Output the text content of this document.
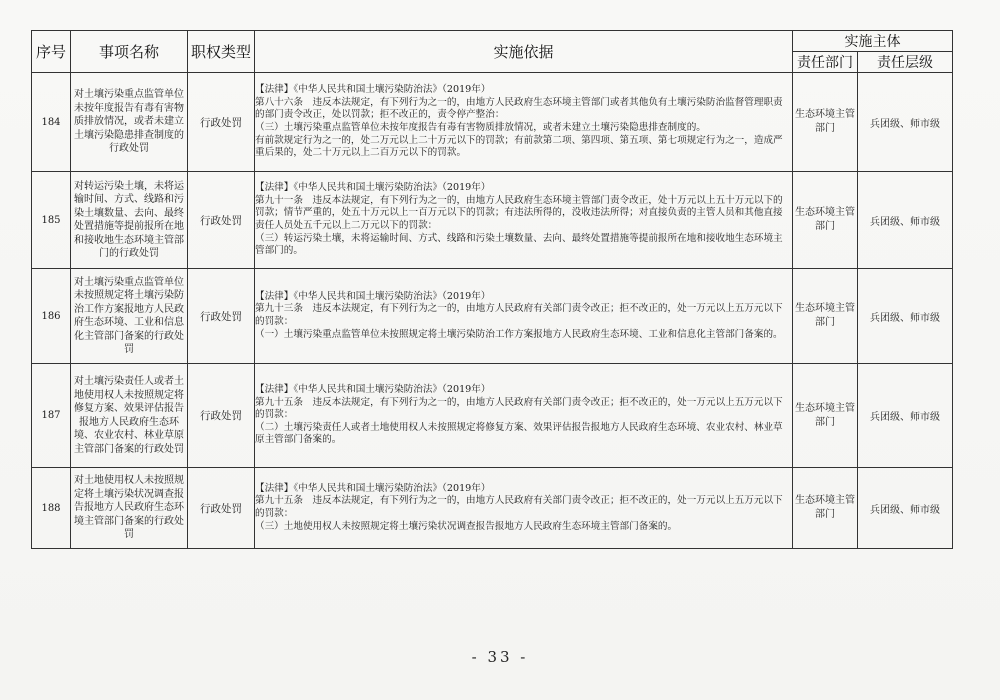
序号	事项名称	职权类型	实施依据	实施主体	
				责任部门	责任层级
184	对土壤污染重点监管单位未按年度报告有毒有害物质排放情况，或者未建立土壤污染隐患排查制度的行政处罚	行政处罚	【法律】《中华人民共和国土壤污染防治法》（2019年）
第八十六条　违反本法规定，有下列行为之一的，由地方人民政府生态环境主管部门或者其他负有土壤污染防治监督管理职责的部门责令改正，处以罚款；拒不改正的，责令停产整治：
（三）土壤污染重点监管单位未按年度报告有毒有害物质排放情况，或者未建立土壤污染隐患排查制度的。
有前款规定行为之一的，处二万元以上二十万元以下的罚款；有前款第二项、第四项、第五项、第七项规定行为之一，造成严重后果的，处二十万元以上二百万元以下的罚款。	生态环境主管部门	兵团级、师市级
185	对转运污染土壤，未将运输时间、方式、线路和污染土壤数量、去向、最终处置措施等提前报所在地和接收地生态环境主管部门的行政处罚	行政处罚	【法律】《中华人民共和国土壤污染防治法》（2019年）
第九十一条　违反本法规定，有下列行为之一的，由地方人民政府生态环境主管部门责令改正，处十万元以上五十万元以下的罚款；情节严重的，处五十万元以上一百万元以下的罚款；有违法所得的，没收违法所得；对直接负责的主管人员和其他直接责任人员处五千元以上二万元以下的罚款：
（三）转运污染土壤，未将运输时间、方式、线路和污染土壤数量、去向、最终处置措施等提前报所在地和接收地生态环境主管部门的。	生态环境主管部门	兵团级、师市级
186	对土壤污染重点监管单位未按照规定将土壤污染防治工作方案报地方人民政府生态环境、工业和信息化主管部门备案的行政处罚	行政处罚	【法律】《中华人民共和国土壤污染防治法》（2019年）
第九十三条　违反本法规定，有下列行为之一的，由地方人民政府有关部门责令改正；拒不改正的，处一万元以上五万元以下的罚款：
（一）土壤污染重点监管单位未按照规定将土壤污染防治工作方案报地方人民政府生态环境、工业和信息化主管部门备案的。	生态环境主管部门	兵团级、师市级
187	对土壤污染责任人或者土地使用权人未按照规定将修复方案、效果评估报告报地方人民政府生态环境、农业农村、林业草原主管部门备案的行政处罚	行政处罚	【法律】《中华人民共和国土壤污染防治法》（2019年）
第九十五条　违反本法规定，有下列行为之一的，由地方人民政府有关部门责令改正；拒不改正的，处一万元以上五万元以下的罚款：
（二）土壤污染责任人或者土地使用权人未按照规定将修复方案、效果评估报告报地方人民政府生态环境、农业农村、林业草原主管部门备案的。	生态环境主管部门	兵团级、师市级
188	对土地使用权人未按照规定将土壤污染状况调查报告报地方人民政府生态环境主管部门备案的行政处罚	行政处罚	【法律】《中华人民共和国土壤污染防治法》（2019年）
第九十五条　违反本法规定，有下列行为之一的，由地方人民政府有关部门责令改正；拒不改正的，处一万元以上五万元以下的罚款：
（三）土地使用权人未按照规定将土壤污染状况调查报告报地方人民政府生态环境主管部门备案的。	生态环境主管部门	兵团级、师市级
- 33 -
